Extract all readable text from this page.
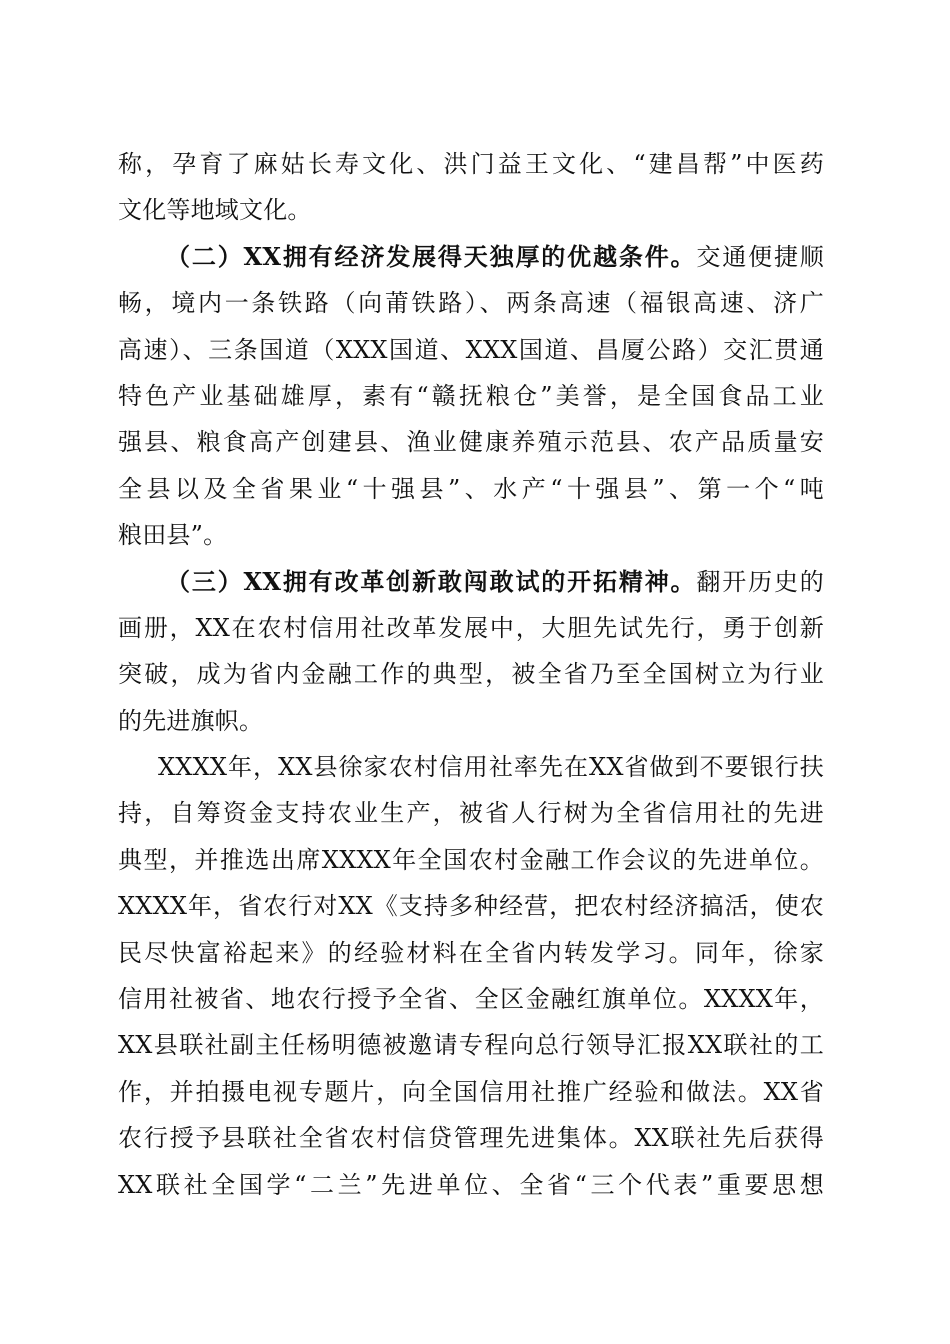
称，孕育了麻姑长寿文化、洪门益王文化、“建昌帮”中医药
文化等地域文化。
（二）XX拥有经济发展得天独厚的优越条件。交通便捷顺
畅，境内一条铁路（向莆铁路）、两条高速（福银高速、济广
高速）、三条国道（XXX国道、XXX国道、昌厦公路）交汇贯通
特色产业基础雄厚，素有“赣抚粮仓”美誉，是全国食品工业
强县、粮食高产创建县、渔业健康养殖示范县、农产品质量安
全县以及全省果业“十强县”、水产“十强县”、第一个“吨
粮田县”。
（三）XX拥有改革创新敢闯敢试的开拓精神。翻开历史的
画册，XX在农村信用社改革发展中，大胆先试先行，勇于创新
突破，成为省内金融工作的典型，被全省乃至全国树立为行业
的先进旗帜。
XXXX年，XX县徐家农村信用社率先在XX省做到不要银行扶
持，自筹资金支持农业生产，被省人行树为全省信用社的先进
典型，并推选出席XXXX年全国农村金融工作会议的先进单位。
XXXX年，省农行对XX《支持多种经营，把农村经济搞活，使农
民尽快富裕起来》的经验材料在全省内转发学习。同年，徐家
信用社被省、地农行授予全省、全区金融红旗单位。XXXX年，
XX县联社副主任杨明德被邀请专程向总行领导汇报XX联社的工
作，并拍摄电视专题片，向全国信用社推广经验和做法。XX省
农行授予县联社全省农村信贷管理先进集体。XX联社先后获得
XX联社全国学“二兰”先进单位、全省“三个代表”重要思想
